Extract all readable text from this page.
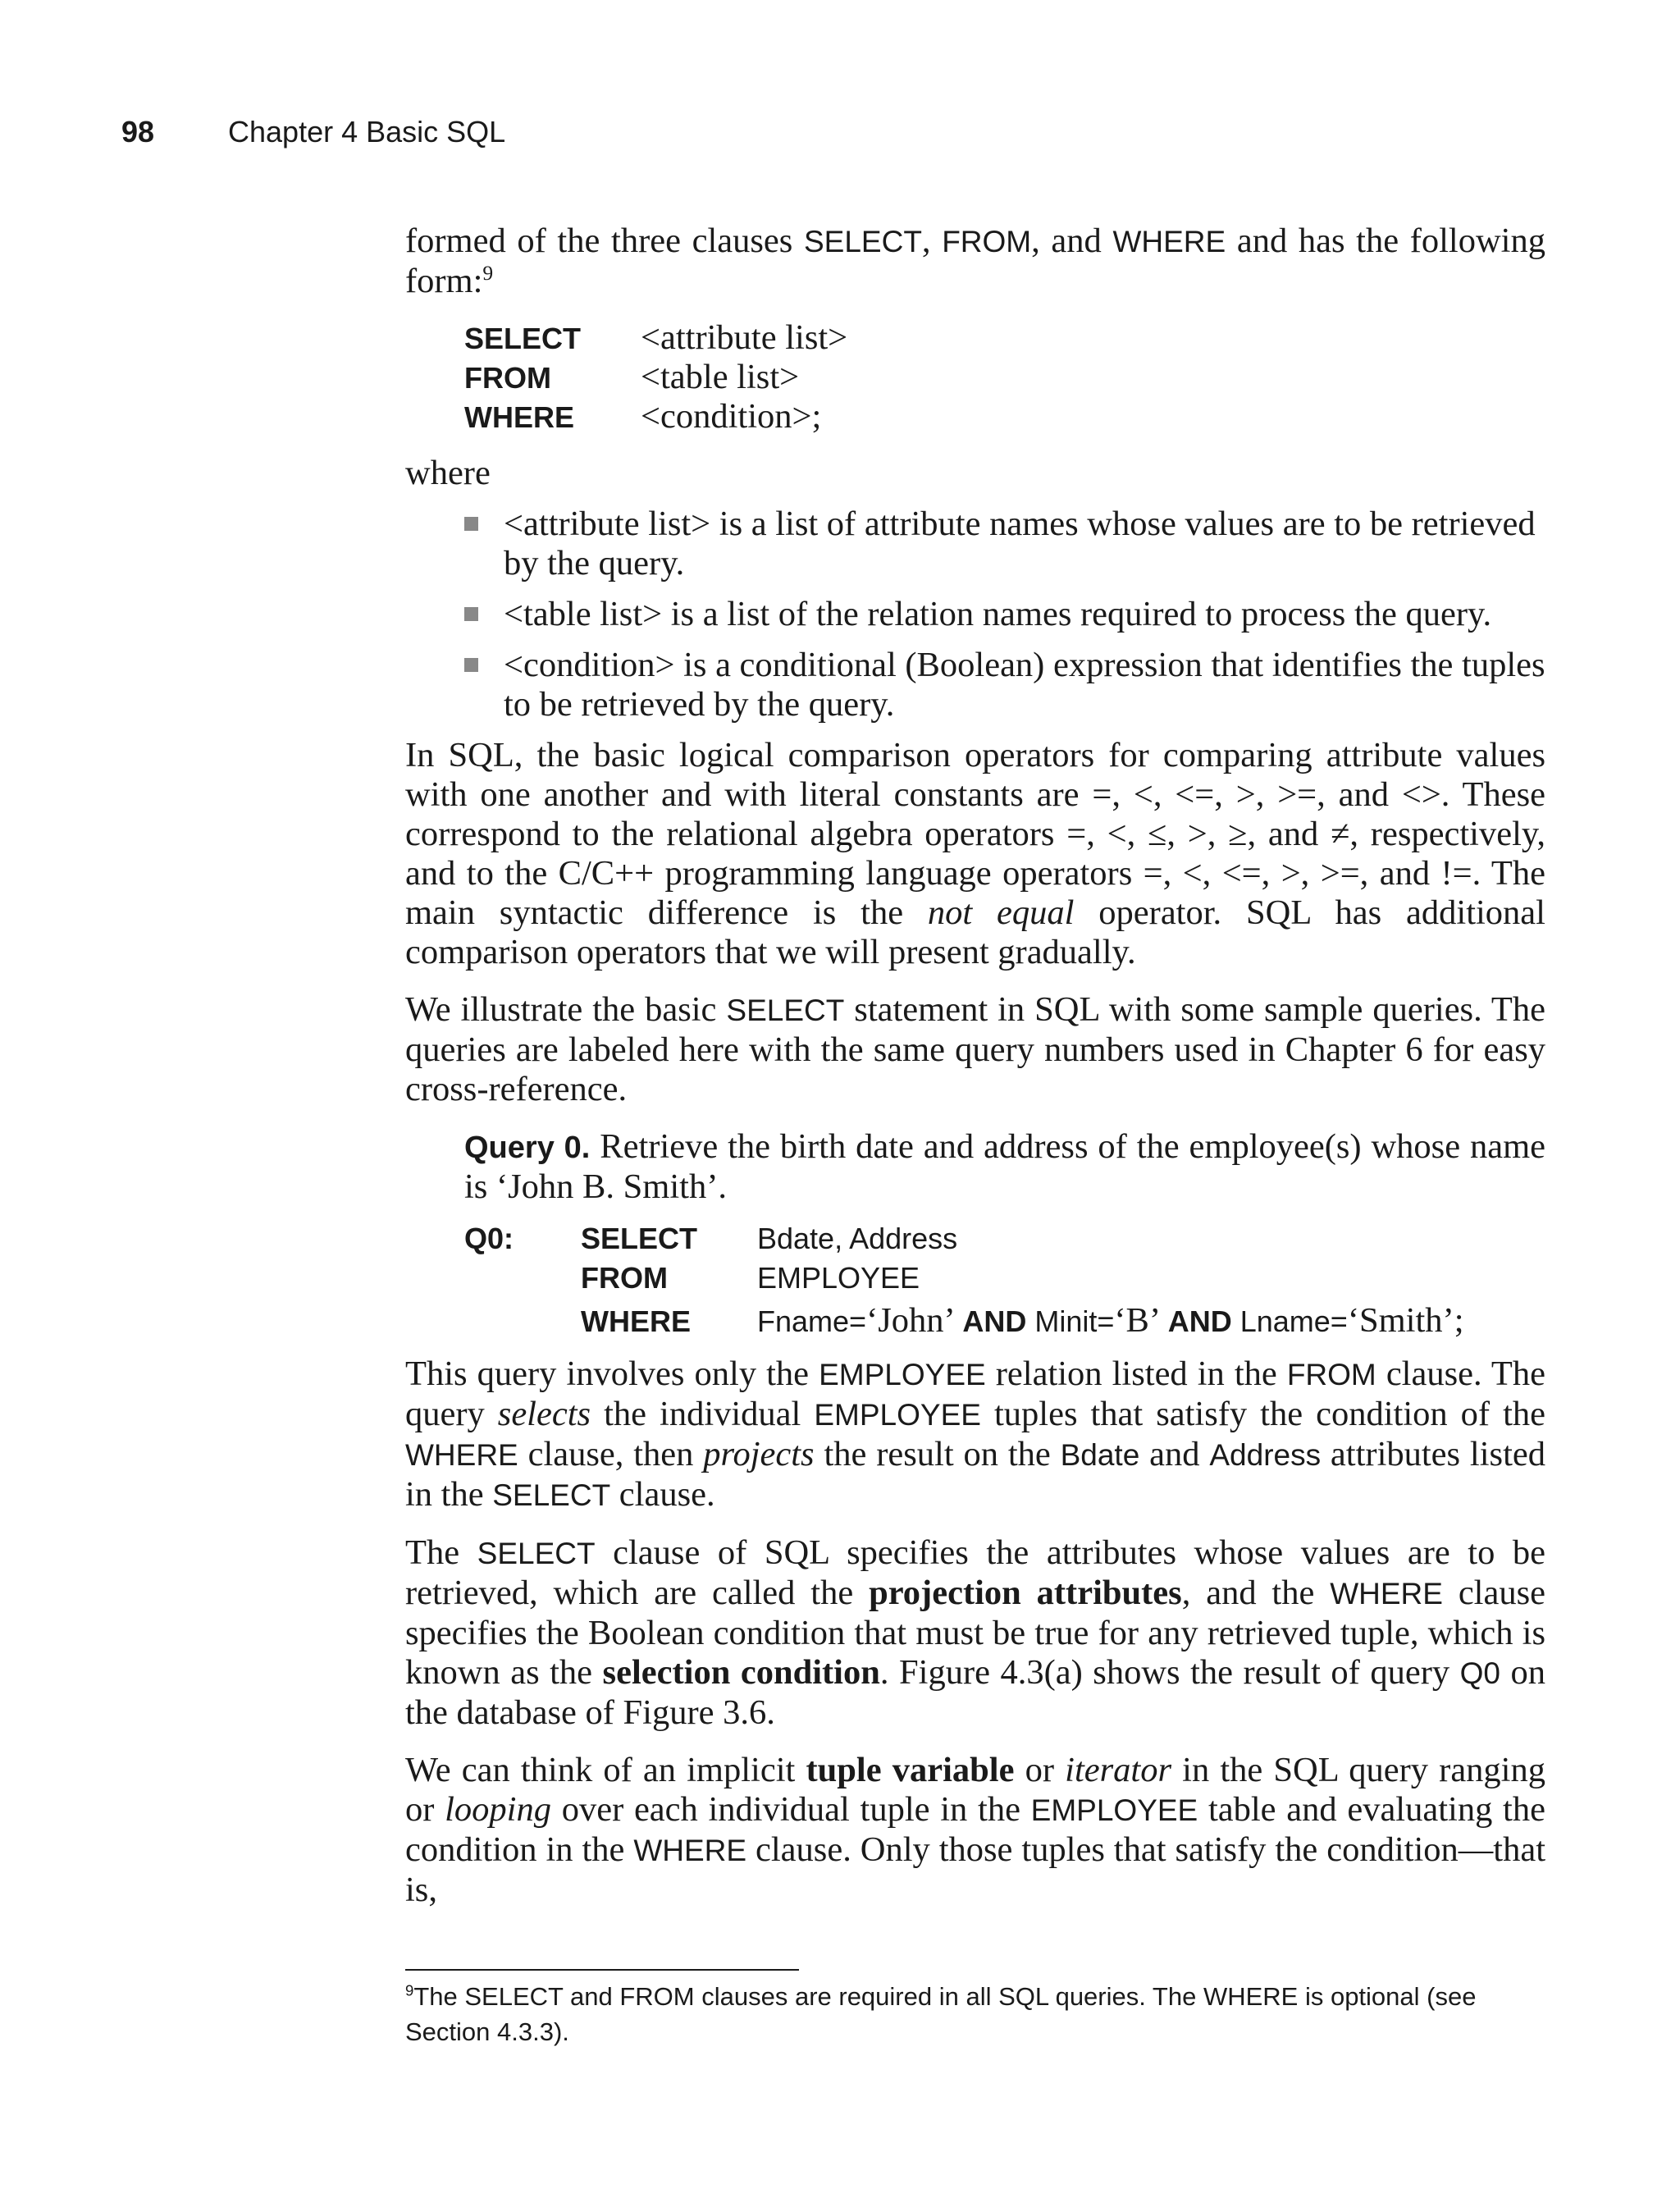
98 Chapter 4 Basic SQL

formed of the three clauses SELECT, FROM, and WHERE and has the following form:$^9$

SELECT	<attribute list>
FROM	<table list>
WHERE	<condition>;

where

<attribute list> is a list of attribute names whose values are to be retrieved by the query.
<table list> is a list of the relation names required to process the query.
<condition> is a conditional (Boolean) expression that identifies the tuples to be retrieved by the query.

In SQL, the basic logical comparison operators for comparing attribute values with one another and with literal constants are =, <, <=, >, >=, and <>. These correspond to the relational algebra operators =, <, ≤, >, ≥, and ≠, respectively, and to the C/C++ programming language operators =, <, <=, >, >=, and !=. The main syntactic difference is the not equal operator. SQL has additional comparison operators that we will present gradually.

We illustrate the basic SELECT statement in SQL with some sample queries. The queries are labeled here with the same query numbers used in Chapter 6 for easy cross-reference.

Query 0. Retrieve the birth date and address of the employee(s) whose name is ‘John B. Smith’.

Q0:	SELECT	Bdate, Address
FROM	EMPLOYEE
WHERE	Fname=‘John’ AND Minit=‘B’ AND Lname=‘Smith’;

This query involves only the EMPLOYEE relation listed in the FROM clause. The query selects the individual EMPLOYEE tuples that satisfy the condition of the WHERE clause, then projects the result on the Bdate and Address attributes listed in the SELECT clause.

The SELECT clause of SQL specifies the attributes whose values are to be retrieved, which are called the projection attributes, and the WHERE clause specifies the Boolean condition that must be true for any retrieved tuple, which is known as the selection condition. Figure 4.3(a) shows the result of query Q0 on the database of Figure 3.6.

We can think of an implicit tuple variable or iterator in the SQL query ranging or looping over each individual tuple in the EMPLOYEE table and evaluating the condition in the WHERE clause. Only those tuples that satisfy the condition—that is,

$^9$The SELECT and FROM clauses are required in all SQL queries. The WHERE is optional (see Section 4.3.3).
